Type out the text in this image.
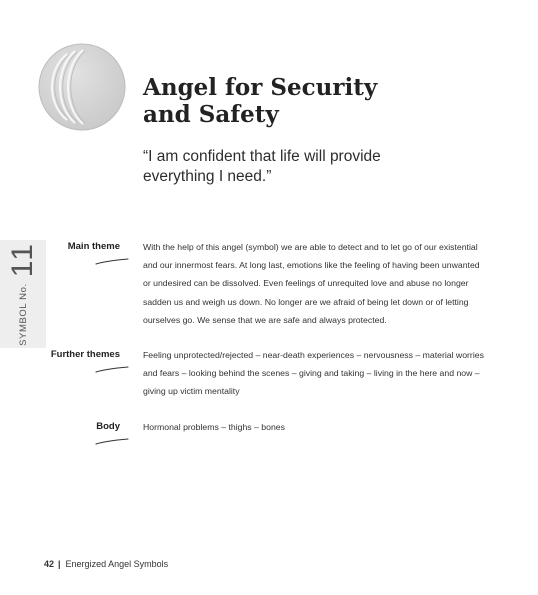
Angel for Security
and Safety
“I am confident that life will provide
everything I need.”
SYMBOL No.
11	Main theme	With the help of this angel (symbol) we are able to detect and to let go of our existential
and our innermost fears. At long last, emotions like the feeling of having been unwanted
or undesired can be dissolved. Even feelings of unrequited love and abuse no longer
sadden us and weigh us down. No longer are we afraid of being let down or of letting
ourselves go. We sense that we are safe and always protected.
Further themes	Feeling unprotected/rejected – near-death experiences – nervousness – material worries
and fears – looking behind the scenes – giving and taking – living in the here and now –
giving up victim mentality
Body	Hormonal problems – thighs – bones
42 | Energized Angel Symbols
